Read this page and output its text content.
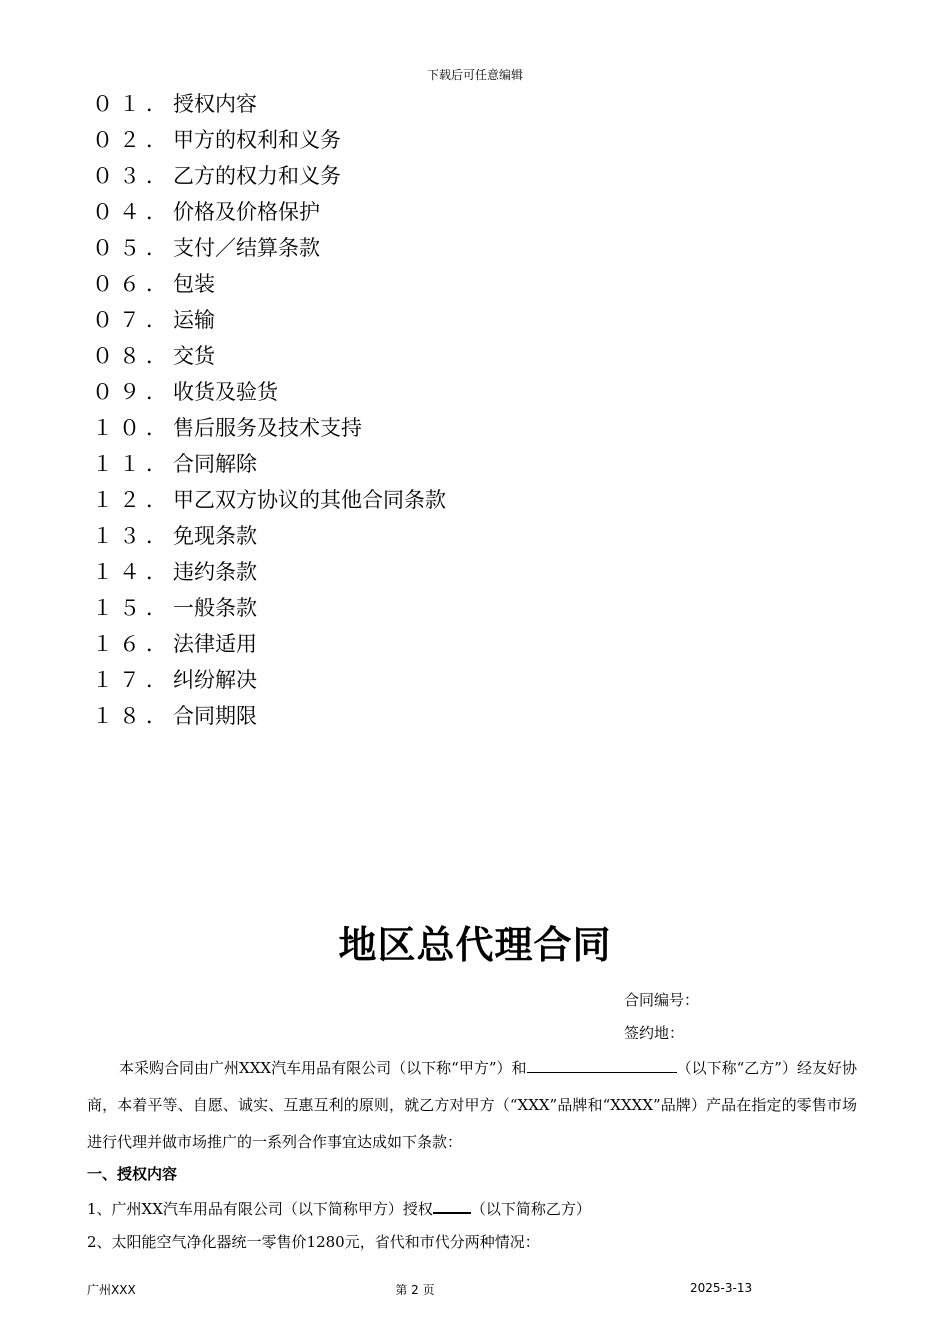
下载后可任意编辑
０１．授权内容
０２．甲方的权利和义务
０３．乙方的权力和义务
０４．价格及价格保护
０５．支付／结算条款
０６．包装
０７．运输
０８．交货
０９．收货及验货
１０．售后服务及技术支持
１１．合同解除
１２．甲乙双方协议的其他合同条款
１３．免现条款
１４．违约条款
１５．一般条款
１６．法律适用
１７．纠纷解决
１８．合同期限
地区总代理合同
合同编号：
签约地：
本采购合同由广州XXX汽车用品有限公司（以下称“甲方”）和	（以下称“乙方”）经友好协商，本着平等、自愿、诚实、互惠互利的原则，就乙方对甲方（“XXX”品牌和“XXXX”品牌）产品在指定的零售市场进行代理并做市场推广的一系列合作事宜达成如下条款：
一、授权内容
1、广州XX汽车用品有限公司（以下简称甲方）授权	（以下简称乙方）
2、太阳能空气净化器统一零售价1280元，省代和市代分两种情况：
广州XXX	第 2 页	2025-3-13
